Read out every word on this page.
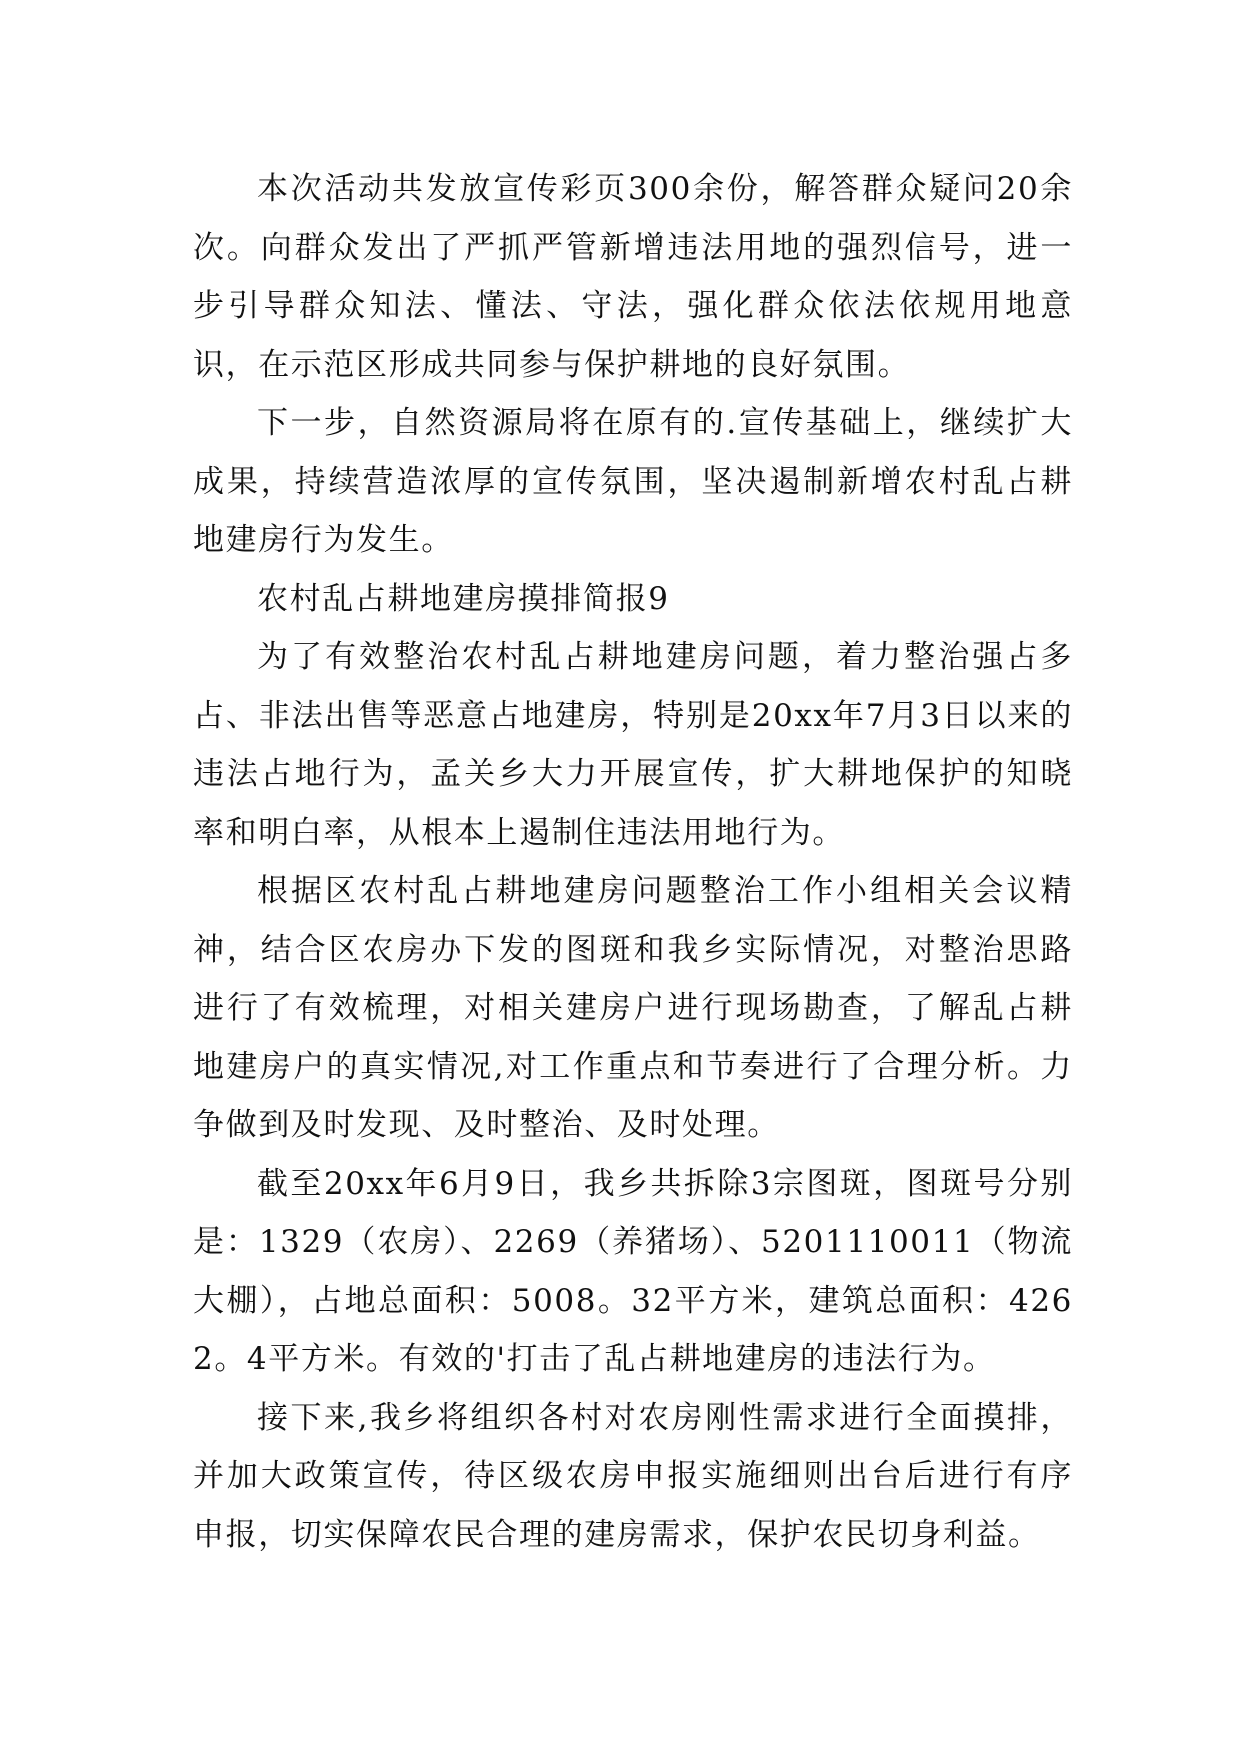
本次活动共发放宣传彩页300余份，解答群众疑问20余次。向群众发出了严抓严管新增违法用地的强烈信号，进一步引导群众知法、懂法、守法，强化群众依法依规用地意识，在示范区形成共同参与保护耕地的良好氛围。

下一步，自然资源局将在原有的.宣传基础上，继续扩大成果，持续营造浓厚的宣传氛围，坚决遏制新增农村乱占耕地建房行为发生。

农村乱占耕地建房摸排简报9

为了有效整治农村乱占耕地建房问题，着力整治强占多占、非法出售等恶意占地建房，特别是20xx年7月3日以来的违法占地行为，孟关乡大力开展宣传，扩大耕地保护的知晓率和明白率，从根本上遏制住违法用地行为。

根据区农村乱占耕地建房问题整治工作小组相关会议精神，结合区农房办下发的图斑和我乡实际情况，对整治思路进行了有效梳理，对相关建房户进行现场勘查，了解乱占耕地建房户的真实情况,对工作重点和节奏进行了合理分析。力争做到及时发现、及时整治、及时处理。

截至20xx年6月9日，我乡共拆除3宗图斑，图斑号分别是：1329（农房）、2269（养猪场）、5201110011（物流大棚），占地总面积：5008。32平方米，建筑总面积：4262。4平方米。有效的'打击了乱占耕地建房的违法行为。

接下来,我乡将组织各村对农房刚性需求进行全面摸排，并加大政策宣传，待区级农房申报实施细则出台后进行有序申报，切实保障农民合理的建房需求，保护农民切身利益。
